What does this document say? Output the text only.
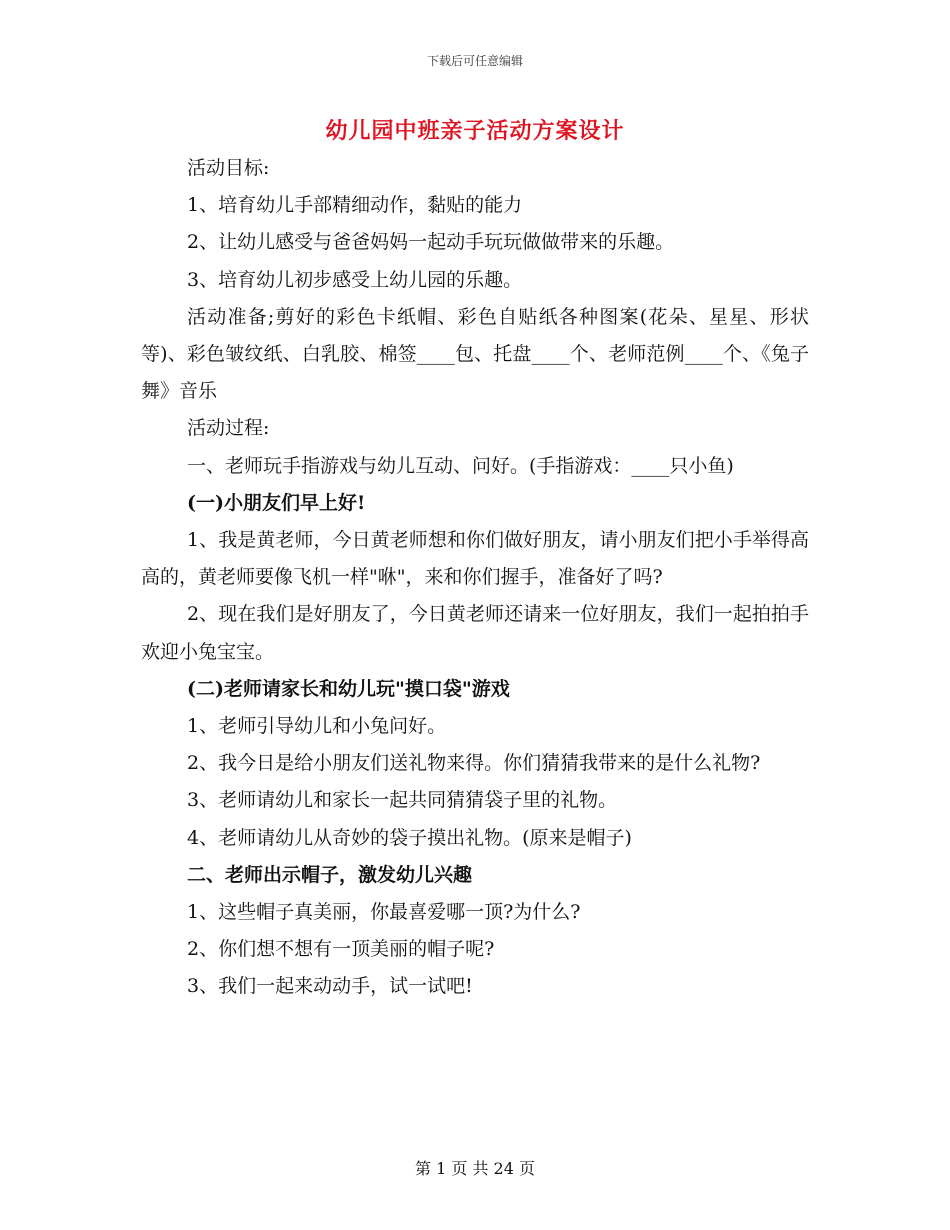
下载后可任意编辑
幼儿园中班亲子活动方案设计

活动目标:

1、培育幼儿手部精细动作，黏贴的能力

2、让幼儿感受与爸爸妈妈一起动手玩玩做做带来的乐趣。

3、培育幼儿初步感受上幼儿园的乐趣。

活动准备;剪好的彩色卡纸帽、彩色自贴纸各种图案(花朵、星星、形状等)、彩色皱纹纸、白乳胶、棉签____包、托盘____个、老师范例____个、《兔子舞》音乐

活动过程:

一、老师玩手指游戏与幼儿互动、问好。(手指游戏：____只小鱼)

(一)小朋友们早上好!

1、我是黄老师，今日黄老师想和你们做好朋友，请小朋友们把小手举得高高的，黄老师要像飞机一样"咻"，来和你们握手，准备好了吗?

2、现在我们是好朋友了，今日黄老师还请来一位好朋友，我们一起拍拍手欢迎小兔宝宝。

(二)老师请家长和幼儿玩"摸口袋"游戏

1、老师引导幼儿和小兔问好。

2、我今日是给小朋友们送礼物来得。你们猜猜我带来的是什么礼物?

3、老师请幼儿和家长一起共同猜猜袋子里的礼物。

4、老师请幼儿从奇妙的袋子摸出礼物。(原来是帽子)

二、老师出示帽子，激发幼儿兴趣

1、这些帽子真美丽，你最喜爱哪一顶?为什么?

2、你们想不想有一顶美丽的帽子呢?

3、我们一起来动动手，试一试吧!

第 1 页 共 24 页
